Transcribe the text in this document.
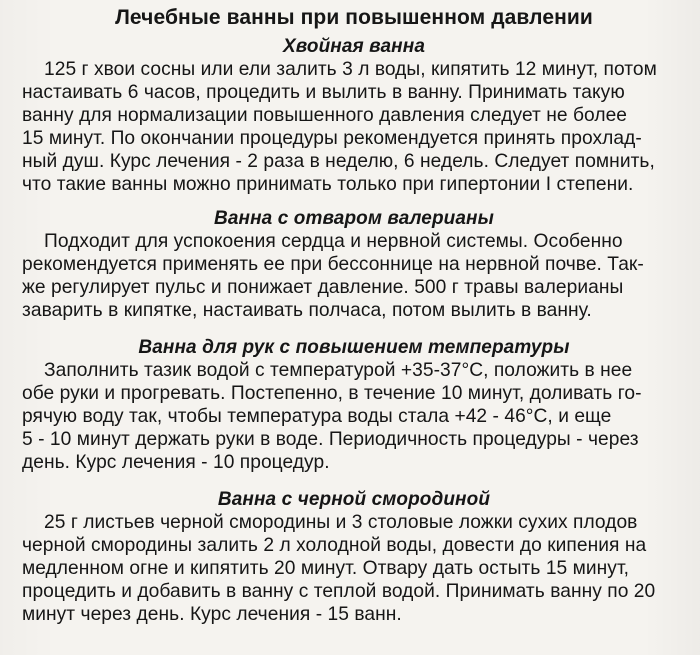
Лечебные ванны при повышенном давлении
Хвойная ванна

125 г хвои сосны или ели залить 3 л воды, кипятить 12 минут, потом
настаивать 6 часов, процедить и вылить в ванну. Принимать такую
ванну для нормализации повышенного давления следует не более
15 минут. По окончании процедуры рекомендуется принять прохлад-
ный душ. Курс лечения - 2 раза в неделю, 6 недель. Следует помнить,
что такие ванны можно принимать только при гипертонии I степени.

Ванна с отваром валерианы

Подходит для успокоения сердца и нервной системы. Особенно
рекомендуется применять ее при бессоннице на нервной почве. Так-
же регулирует пульс и понижает давление. 500 г травы валерианы
заварить в кипятке, настаивать полчаса, потом вылить в ванну.

Ванна для рук с повышением температуры

Заполнить тазик водой с температурой +35-37°С, положить в нее
обе руки и прогревать. Постепенно, в течение 10 минут, доливать го-
рячую воду так, чтобы температура воды стала +42 - 46°С, и еще
5 - 10 минут держать руки в воде. Периодичность процедуры - через
день. Курс лечения - 10 процедур.

Ванна с черной смородиной

25 г листьев черной смородины и 3 столовые ложки сухих плодов
черной смородины залить 2 л холодной воды, довести до кипения на
медленном огне и кипятить 20 минут. Отвару дать остыть 15 минут,
процедить и добавить в ванну с теплой водой. Принимать ванну по 20
минут через день. Курс лечения - 15 ванн.
